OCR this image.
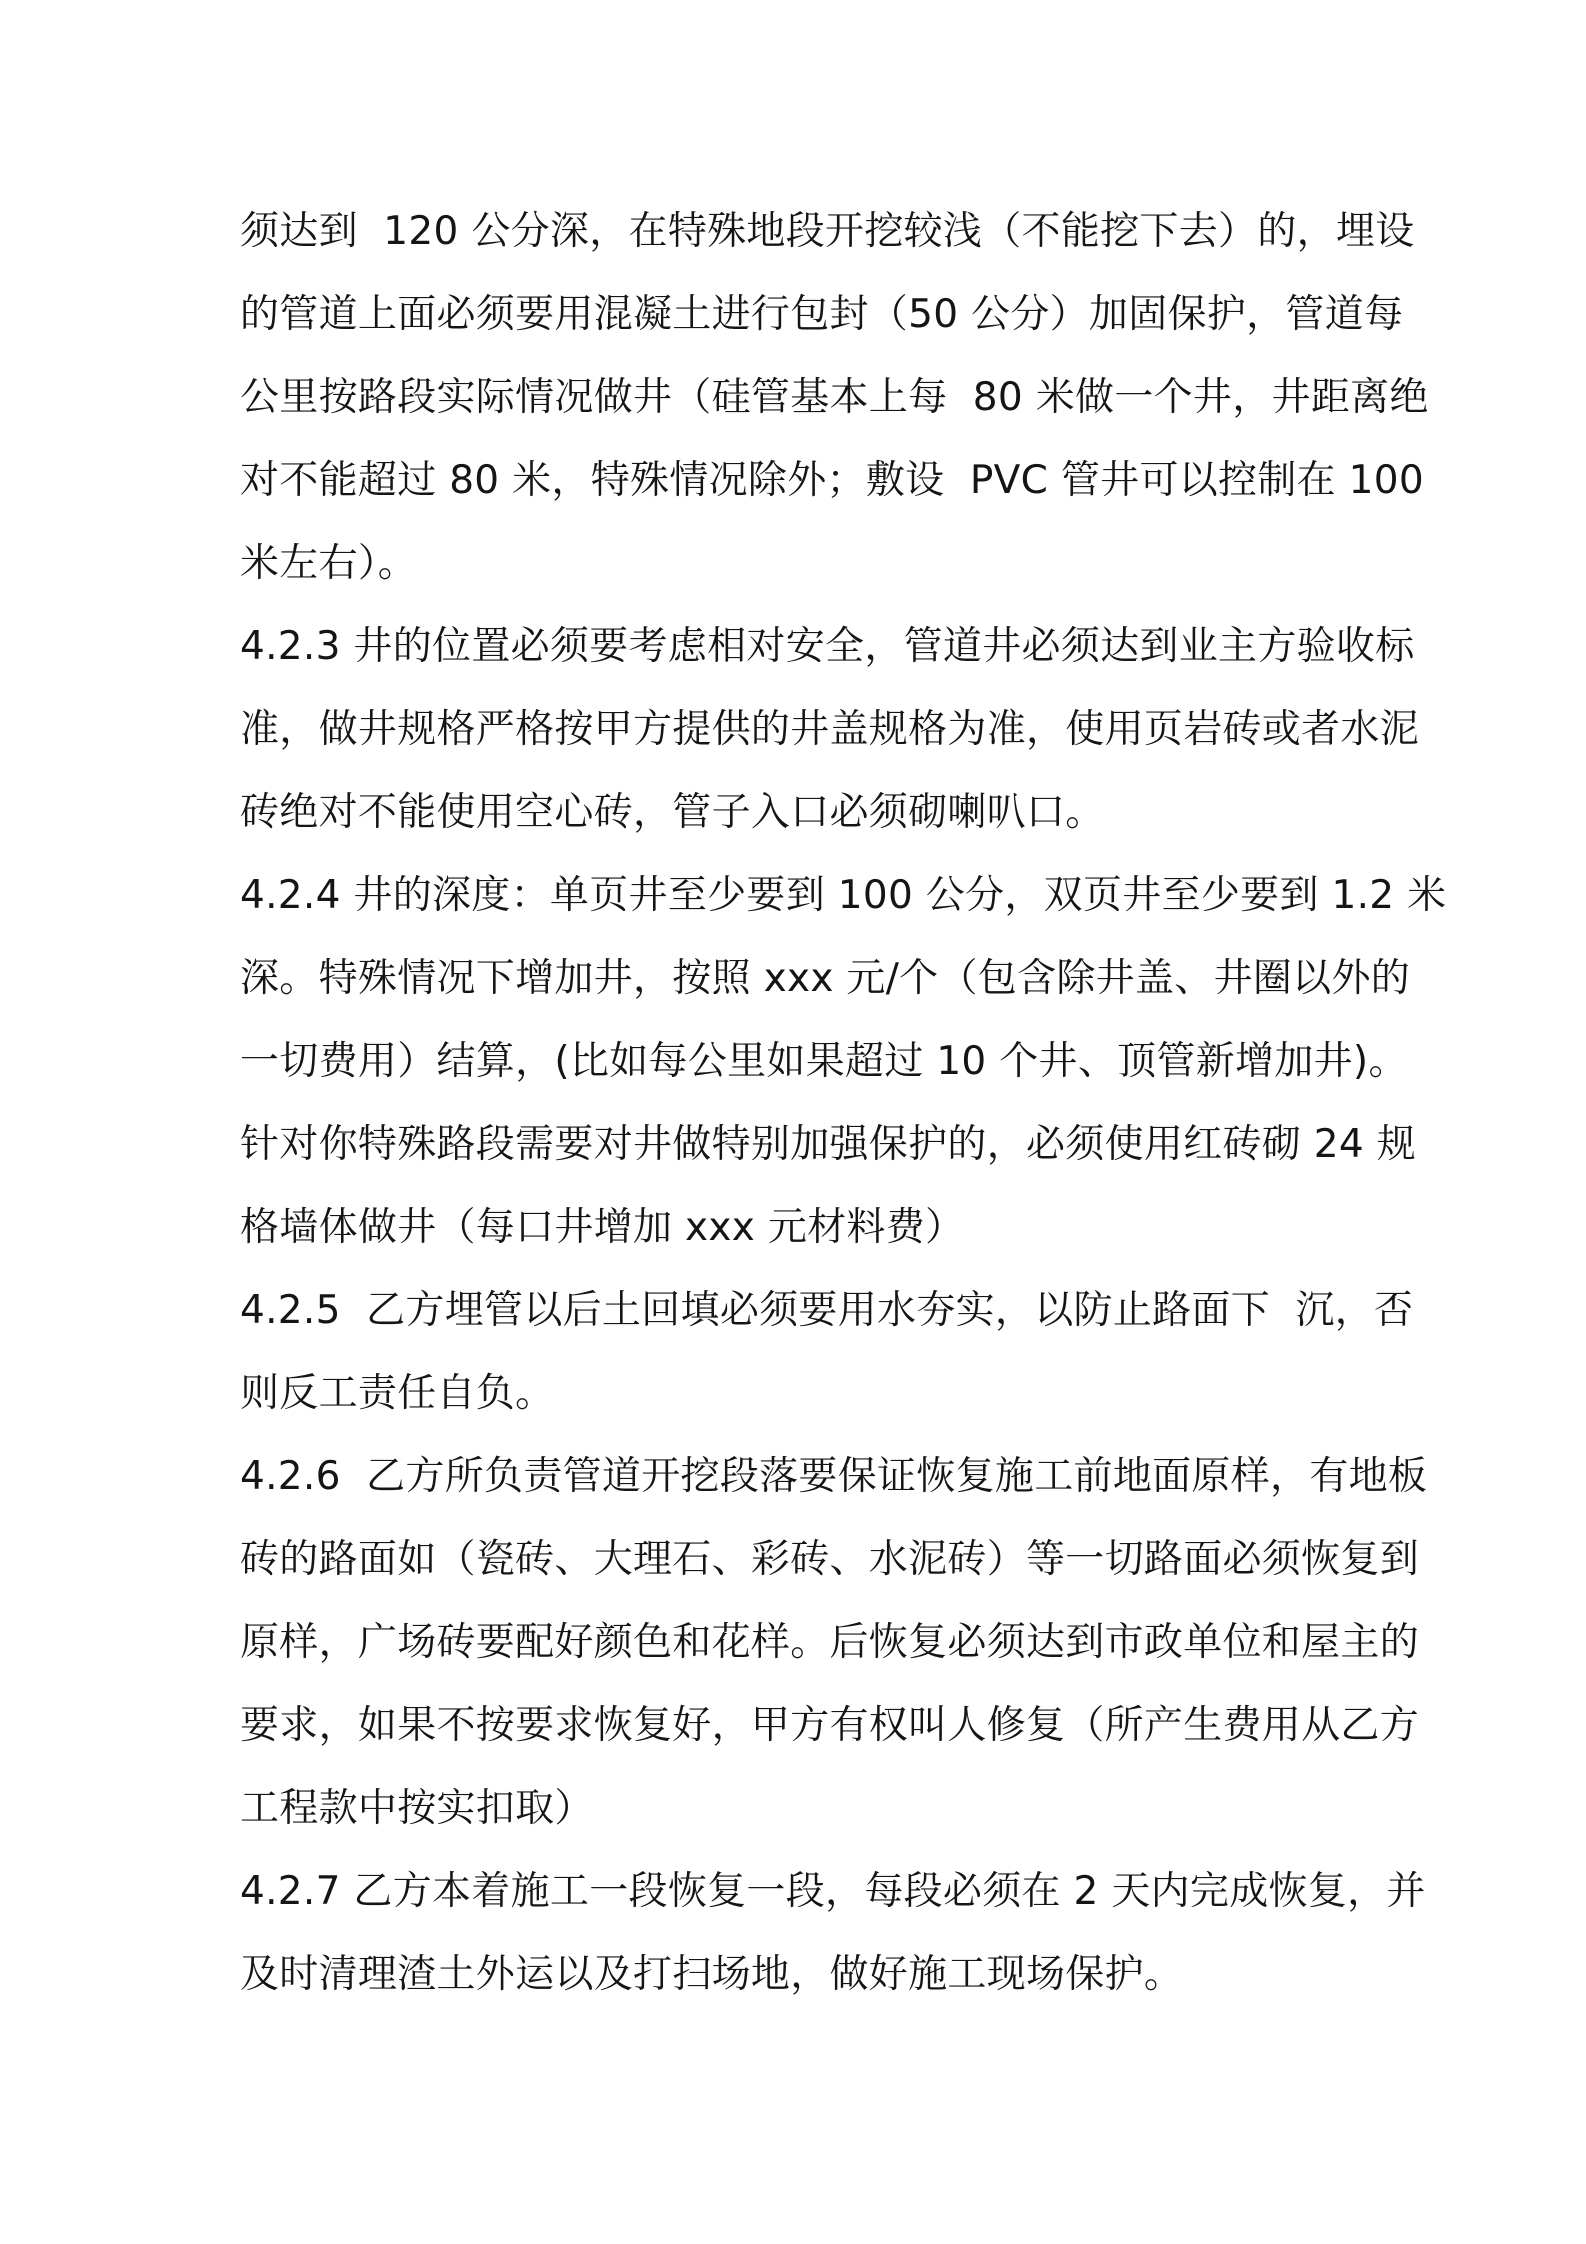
须达到  120 公分深，在特殊地段开挖较浅（不能挖下去）的，埋设
的管道上面必须要用混凝土进行包封（50 公分）加固保护，管道每
公里按路段实际情况做井（硅管基本上每  80 米做一个井，井距离绝
对不能超过 80 米，特殊情况除外；敷设  PVC 管井可以控制在 100
米左右）。
4.2.3 井的位置必须要考虑相对安全，管道井必须达到业主方验收标
准，做井规格严格按甲方提供的井盖规格为准，使用页岩砖或者水泥
砖绝对不能使用空心砖，管子入口必须砌喇叭口。
4.2.4 井的深度：单页井至少要到 100 公分，双页井至少要到 1.2 米
深。特殊情况下增加井，按照 xxx 元/个（包含除井盖、井圈以外的
一切费用）结算，(比如每公里如果超过 10 个井、顶管新增加井)。
针对你特殊路段需要对井做特别加强保护的，必须使用红砖砌 24 规
格墙体做井（每口井增加 xxx 元材料费）
4.2.5  乙方埋管以后土回填必须要用水夯实，以防止路面下  沉，否
则反工责任自负。
4.2.6  乙方所负责管道开挖段落要保证恢复施工前地面原样，有地板
砖的路面如（瓷砖、大理石、彩砖、水泥砖）等一切路面必须恢复到
原样，广场砖要配好颜色和花样。后恢复必须达到市政单位和屋主的
要求，如果不按要求恢复好，甲方有权叫人修复（所产生费用从乙方
工程款中按实扣取）
4.2.7 乙方本着施工一段恢复一段，每段必须在 2 天内完成恢复，并
及时清理渣土外运以及打扫场地，做好施工现场保护。
